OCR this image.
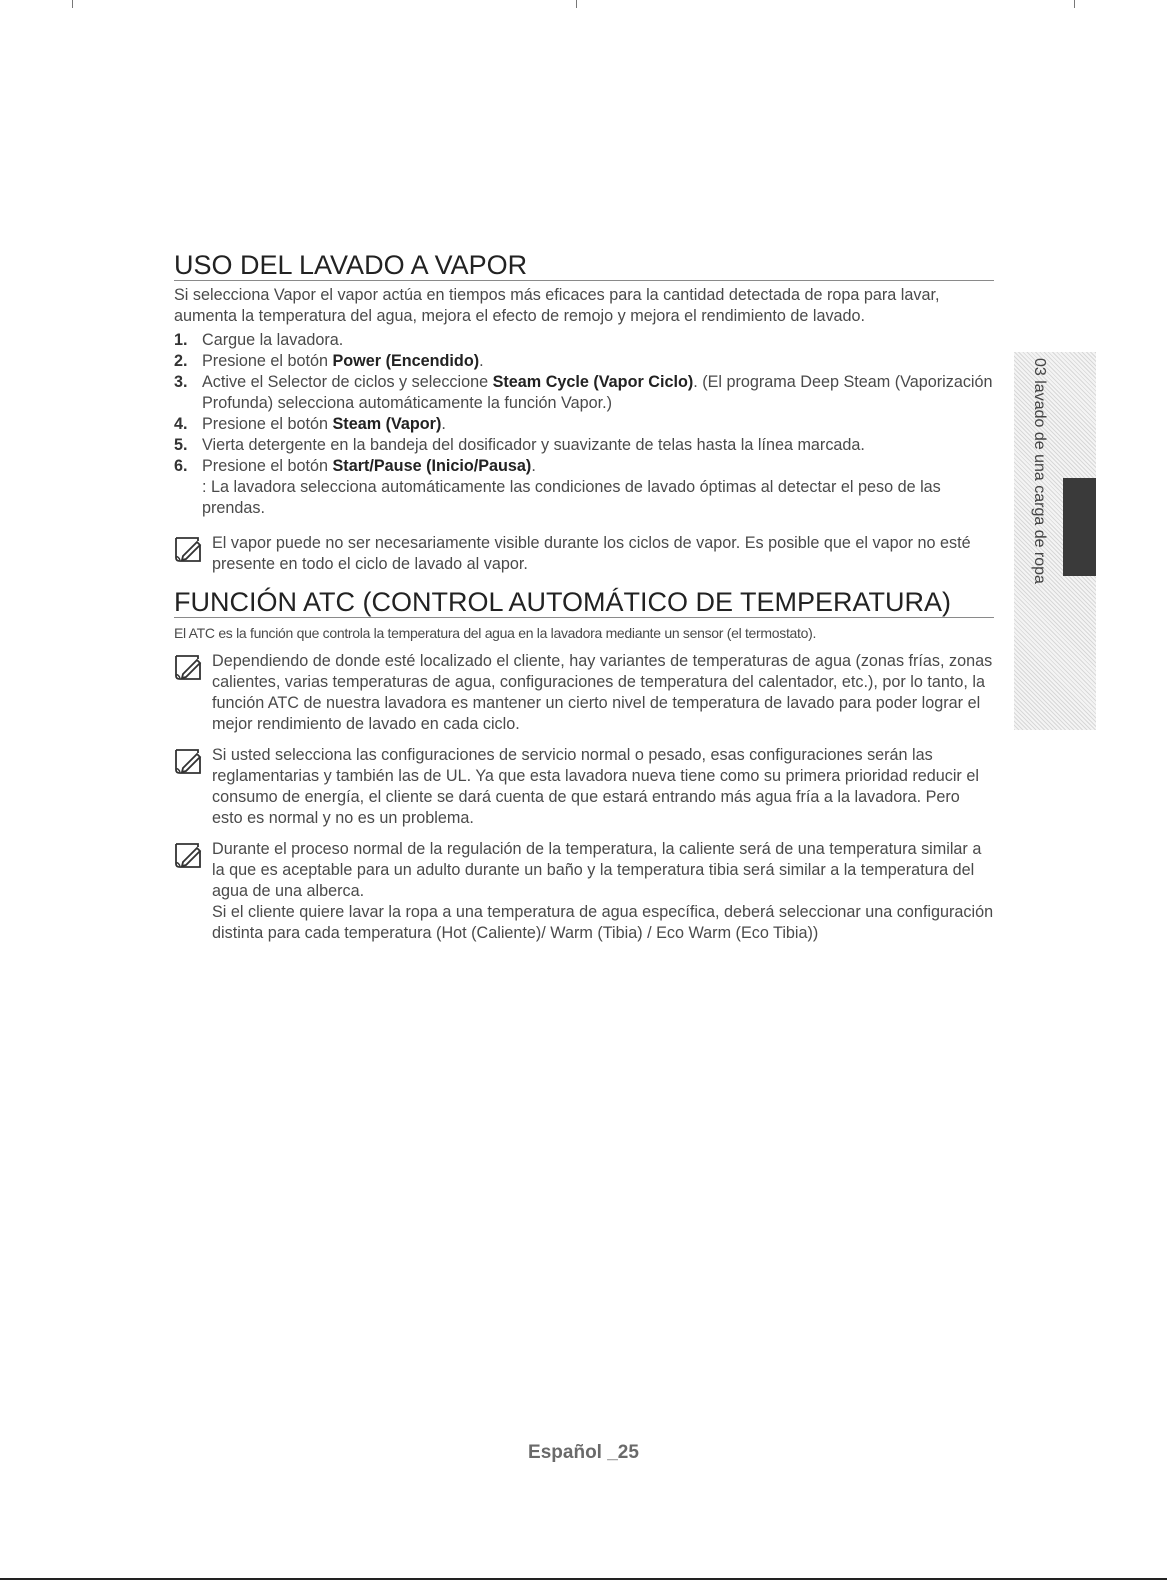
USO DEL LAVADO A VAPOR

Si selecciona Vapor el vapor actúa en tiempos más eficaces para la cantidad detectada de ropa para lavar, aumenta la temperatura del agua, mejora el efecto de remojo y mejora el rendimiento de lavado.

1. Cargue la lavadora.
2. Presione el botón Power (Encendido).
3. Active el Selector de ciclos y seleccione Steam Cycle (Vapor Ciclo). (El programa Deep Steam (Vaporización Profunda) selecciona automáticamente la función Vapor.)
4. Presione el botón Steam (Vapor).
5. Vierta detergente en la bandeja del dosificador y suavizante de telas hasta la línea marcada.
6. Presione el botón Start/Pause (Inicio/Pausa).
: La lavadora selecciona automáticamente las condiciones de lavado óptimas al detectar el peso de las prendas.
El vapor puede no ser necesariamente visible durante los ciclos de vapor. Es posible que el vapor no esté presente en todo el ciclo de lavado al vapor.
FUNCIÓN ATC (CONTROL AUTOMÁTICO DE TEMPERATURA)

El ATC es la función que controla la temperatura del agua en la lavadora mediante un sensor (el termostato).

Dependiendo de donde esté localizado el cliente, hay variantes de temperaturas de agua (zonas frías, zonas calientes, varias temperaturas de agua, configuraciones de temperatura del calentador, etc.), por lo tanto, la función ATC de nuestra lavadora es mantener un cierto nivel de temperatura de lavado para poder lograr el mejor rendimiento de lavado en cada ciclo.
Si usted selecciona las configuraciones de servicio normal o pesado, esas configuraciones serán las reglamentarias y también las de UL. Ya que esta lavadora nueva tiene como su primera prioridad reducir el consumo de energía, el cliente se dará cuenta de que estará entrando más agua fría a la lavadora. Pero esto es normal y no es un problema.
Durante el proceso normal de la regulación de la temperatura, la caliente será de una temperatura similar a la que es aceptable para un adulto durante un baño y la temperatura tibia será similar a la temperatura del agua de una alberca.
Si el cliente quiere lavar la ropa a una temperatura de agua específica, deberá seleccionar una configuración distinta para cada temperatura (Hot (Caliente)/ Warm (Tibia) / Eco Warm (Eco Tibia))
03 lavado de una carga de ropa
Español _25
